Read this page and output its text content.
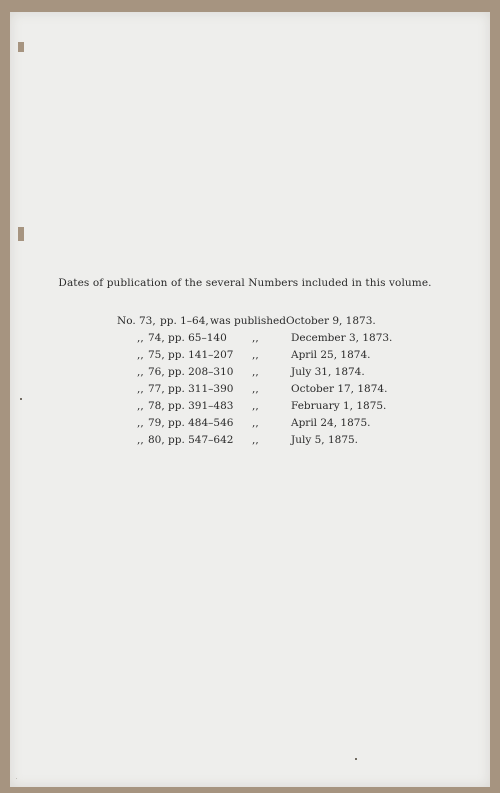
Dates of publication of the several Numbers included in this volume.
No. 73, pp. 1–64, was published October 9, 1873.
,, 74, pp. 65–140 ,,	December 3, 1873.
,, 75, pp. 141–207 ,,	April 25, 1874.
,, 76, pp. 208–310 ,,	July 31, 1874.
,, 77, pp. 311–390 ,,	October 17, 1874.
,, 78, pp. 391–483 ,,	February 1, 1875.
,, 79, pp. 484–546 ,,	April 24, 1875.
,, 80, pp. 547–642 ,,	July 5, 1875.
·
